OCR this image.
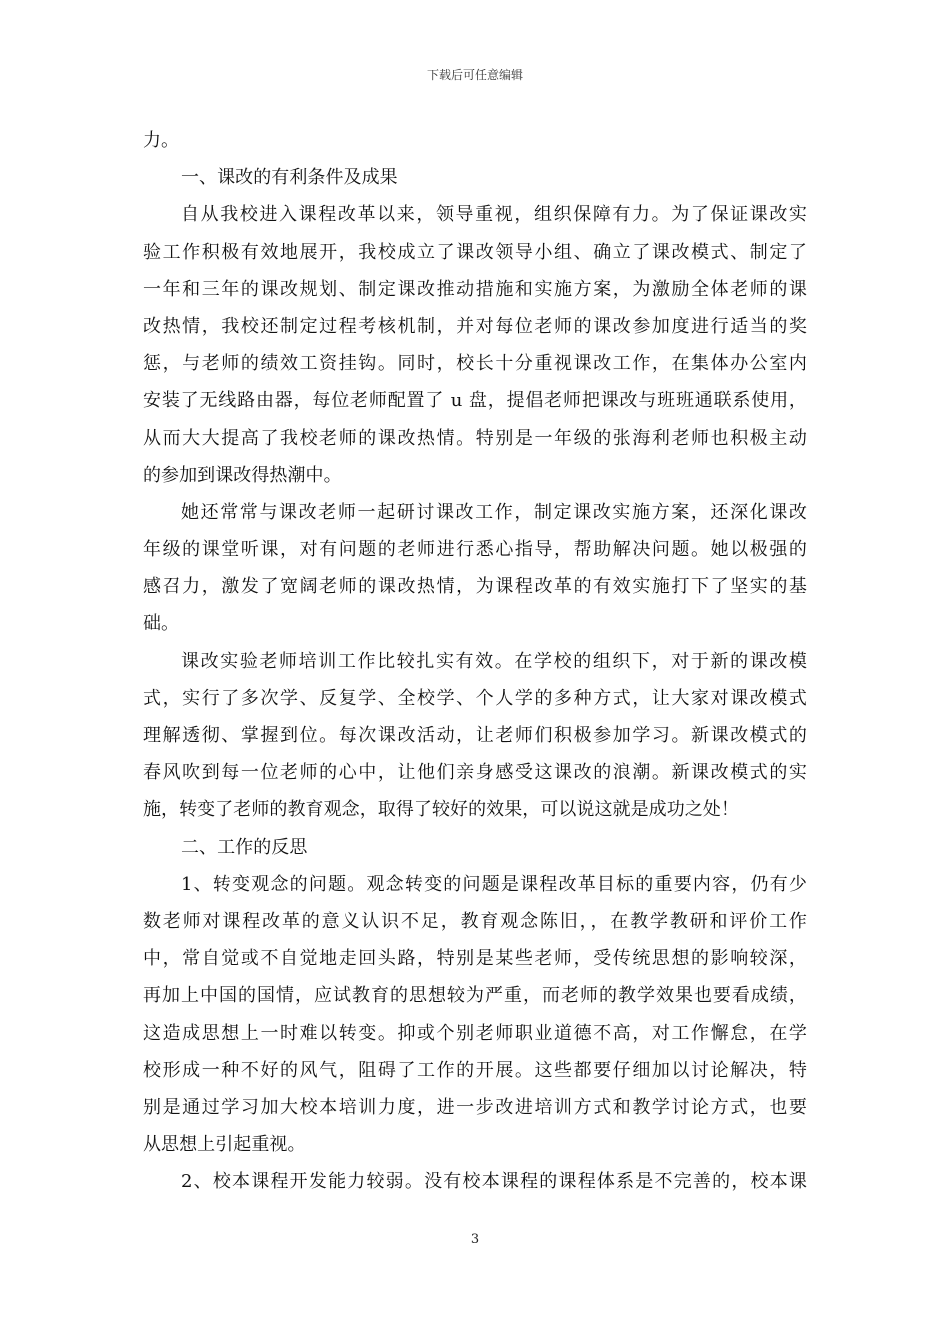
下载后可任意编辑
力。
一、课改的有利条件及成果
自从我校进入课程改革以来，领导重视，组织保障有力。为了保证课改实
验工作积极有效地展开，我校成立了课改领导小组、确立了课改模式、制定了
一年和三年的课改规划、制定课改推动措施和实施方案，为激励全体老师的课
改热情，我校还制定过程考核机制，并对每位老师的课改参加度进行适当的奖
惩，与老师的绩效工资挂钩。同时，校长十分重视课改工作，在集体办公室内
安装了无线路由器，每位老师配置了 u 盘，提倡老师把课改与班班通联系使用，
从而大大提高了我校老师的课改热情。特别是一年级的张海利老师也积极主动
的参加到课改得热潮中。
她还常常与课改老师一起研讨课改工作，制定课改实施方案，还深化课改
年级的课堂听课，对有问题的老师进行悉心指导，帮助解决问题。她以极强的
感召力，激发了宽阔老师的课改热情，为课程改革的有效实施打下了坚实的基
础。
课改实验老师培训工作比较扎实有效。在学校的组织下，对于新的课改模
式，实行了多次学、反复学、全校学、个人学的多种方式，让大家对课改模式
理解透彻、掌握到位。每次课改活动，让老师们积极参加学习。新课改模式的
春风吹到每一位老师的心中，让他们亲身感受这课改的浪潮。新课改模式的实
施，转变了老师的教育观念，取得了较好的效果，可以说这就是成功之处！
二、工作的反思
1、转变观念的问题。观念转变的问题是课程改革目标的重要内容，仍有少
数老师对课程改革的意义认识不足，教育观念陈旧，，在教学教研和评价工作
中，常自觉或不自觉地走回头路，特别是某些老师，受传统思想的影响较深，
再加上中国的国情，应试教育的思想较为严重，而老师的教学效果也要看成绩，
这造成思想上一时难以转变。抑或个别老师职业道德不高，对工作懈怠，在学
校形成一种不好的风气，阻碍了工作的开展。这些都要仔细加以讨论解决，特
别是通过学习加大校本培训力度，进一步改进培训方式和教学讨论方式，也要
从思想上引起重视。
2、校本课程开发能力较弱。没有校本课程的课程体系是不完善的，校本课
3
